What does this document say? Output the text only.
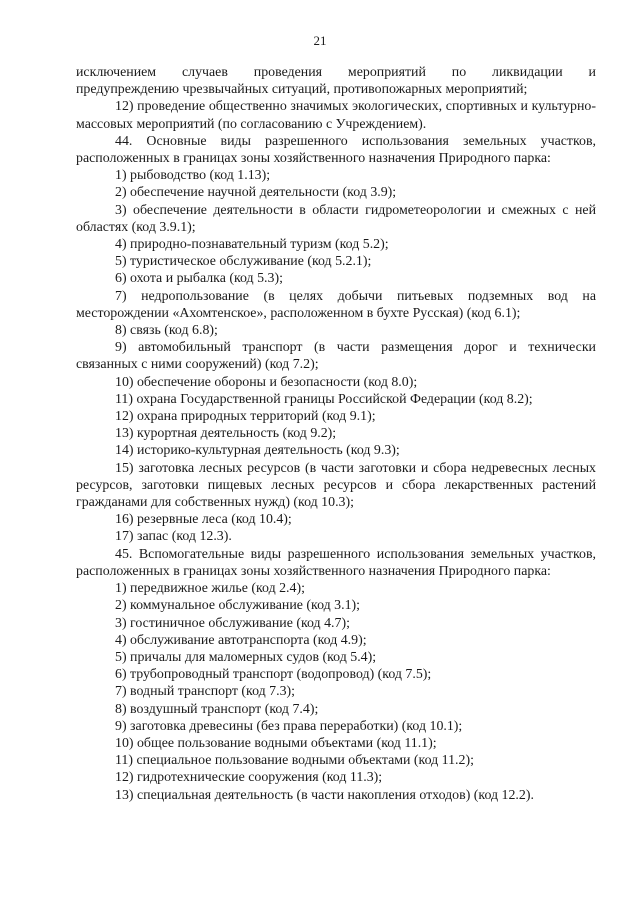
21

исключением случаев проведения мероприятий по ликвидации и

предупреждению чрезвычайных ситуаций, противопожарных мероприятий;

12) проведение общественно значимых экологических, спортивных и культурно-массовых мероприятий (по согласованию с Учреждением).

44. Основные виды разрешенного использования земельных участков, расположенных в границах зоны хозяйственного назначения Природного парка:

1) рыбоводство (код 1.13);

2) обеспечение научной деятельности (код 3.9);

3) обеспечение деятельности в области гидрометеорологии и смежных с ней областях (код 3.9.1);

4) природно-познавательный туризм (код 5.2);

5) туристическое обслуживание (код 5.2.1);

6) охота и рыбалка (код 5.3);

7) недропользование (в целях добычи питьевых подземных вод на месторождении «Ахомтенское», расположенном в бухте Русская) (код 6.1);

8) связь (код 6.8);

9) автомобильный транспорт (в части размещения дорог и технически связанных с ними сооружений) (код 7.2);

10) обеспечение обороны и безопасности (код 8.0);

11) охрана Государственной границы Российской Федерации (код 8.2);

12) охрана природных территорий (код 9.1);

13) курортная деятельность (код 9.2);

14) историко-культурная деятельность (код 9.3);

15) заготовка лесных ресурсов (в части заготовки и сбора недревесных лесных ресурсов, заготовки пищевых лесных ресурсов и сбора лекарственных растений гражданами для собственных нужд) (код 10.3);

16) резервные леса (код 10.4);

17) запас (код 12.3).

45. Вспомогательные виды разрешенного использования земельных участков, расположенных в границах зоны хозяйственного назначения Природного парка:

1) передвижное жилье (код 2.4);

2) коммунальное обслуживание (код 3.1);

3) гостиничное обслуживание (код 4.7);

4) обслуживание автотранспорта (код 4.9);

5) причалы для маломерных судов (код 5.4);

6) трубопроводный транспорт (водопровод) (код 7.5);

7) водный транспорт (код 7.3);

8) воздушный транспорт (код 7.4);

9) заготовка древесины (без права переработки) (код 10.1);

10) общее пользование водными объектами (код 11.1);

11) специальное пользование водными объектами (код 11.2);

12) гидротехнические сооружения (код 11.3);

13) специальная деятельность (в части накопления отходов) (код 12.2).
